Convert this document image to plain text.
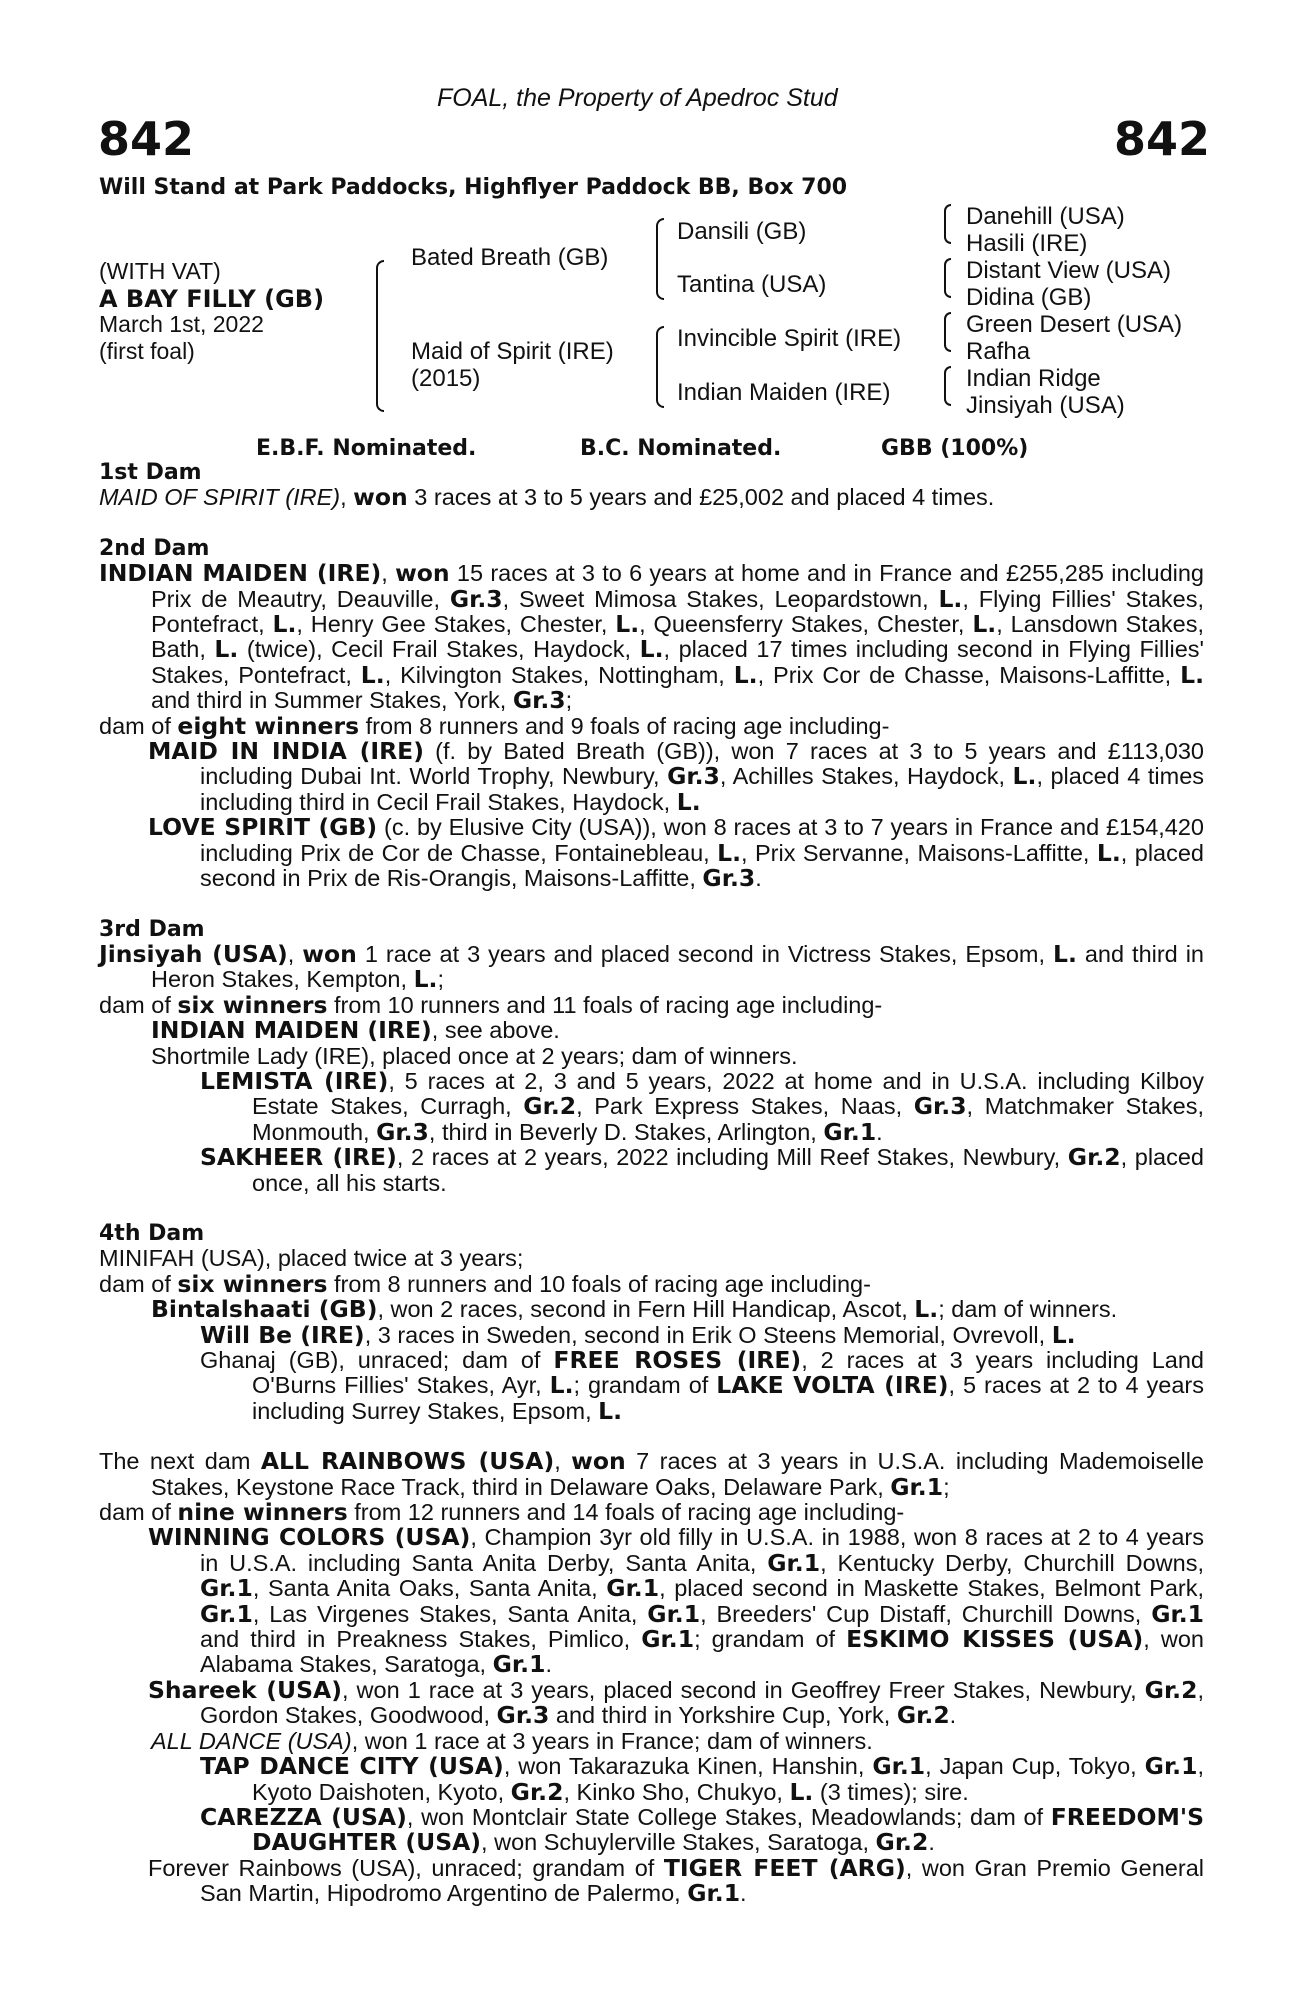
FOAL, the Property of Apedroc Stud
842	842
Will Stand at Park Paddocks, Highflyer Paddock BB, Box 700
(WITH VAT)
A BAY FILLY (GB)
March 1st, 2022
(first foal)
Bated Breath (GB)
Maid of Spirit (IRE)
(2015)
Dansili (GB)
Tantina (USA)
Invincible Spirit (IRE)
Indian Maiden (IRE)
Danehill (USA)
Hasili (IRE)
Distant View (USA)
Didina (GB)
Green Desert (USA)
Rafha
Indian Ridge
Jinsiyah (USA)
E.B.F. Nominated.	B.C. Nominated.	GBB (100%)

1st Dam

MAID OF SPIRIT (IRE), won 3 races at 3 to 5 years and £25,002 and placed 4 times.

2nd Dam

INDIAN MAIDEN (IRE), won 15 races at 3 to 6 years at home and in France and £255,285 including Prix de Meautry, Deauville, Gr.3, Sweet Mimosa Stakes, Leopardstown, L., Flying Fillies' Stakes, Pontefract, L., Henry Gee Stakes, Chester, L., Queensferry Stakes, Chester, L., Lansdown Stakes, Bath, L. (twice), Cecil Frail Stakes, Haydock, L., placed 17 times including second in Flying Fillies' Stakes, Pontefract, L., Kilvington Stakes, Nottingham, L., Prix Cor de Chasse, Maisons-Laffitte, L. and third in Summer Stakes, York, Gr.3;

dam of eight winners from 8 runners and 9 foals of racing age including-

MAID IN INDIA (IRE) (f. by Bated Breath (GB)), won 7 races at 3 to 5 years and £113,030 including Dubai Int. World Trophy, Newbury, Gr.3, Achilles Stakes, Haydock, L., placed 4 times including third in Cecil Frail Stakes, Haydock, L.

LOVE SPIRIT (GB) (c. by Elusive City (USA)), won 8 races at 3 to 7 years in France and £154,420 including Prix de Cor de Chasse, Fontainebleau, L., Prix Servanne, Maisons-Laffitte, L., placed second in Prix de Ris-Orangis, Maisons-Laffitte, Gr.3.

3rd Dam

Jinsiyah (USA), won 1 race at 3 years and placed second in Victress Stakes, Epsom, L. and third in Heron Stakes, Kempton, L.;

dam of six winners from 10 runners and 11 foals of racing age including-

INDIAN MAIDEN (IRE), see above.

Shortmile Lady (IRE), placed once at 2 years; dam of winners.

LEMISTA (IRE), 5 races at 2, 3 and 5 years, 2022 at home and in U.S.A. including Kilboy Estate Stakes, Curragh, Gr.2, Park Express Stakes, Naas, Gr.3, Matchmaker Stakes, Monmouth, Gr.3, third in Beverly D. Stakes, Arlington, Gr.1.

SAKHEER (IRE), 2 races at 2 years, 2022 including Mill Reef Stakes, Newbury, Gr.2, placed once, all his starts.

4th Dam

MINIFAH (USA), placed twice at 3 years;

dam of six winners from 8 runners and 10 foals of racing age including-

Bintalshaati (GB), won 2 races, second in Fern Hill Handicap, Ascot, L.; dam of winners.

Will Be (IRE), 3 races in Sweden, second in Erik O Steens Memorial, Ovrevoll, L.

Ghanaj (GB), unraced; dam of FREE ROSES (IRE), 2 races at 3 years including Land O'Burns Fillies' Stakes, Ayr, L.; grandam of LAKE VOLTA (IRE), 5 races at 2 to 4 years including Surrey Stakes, Epsom, L.

The next dam ALL RAINBOWS (USA), won 7 races at 3 years in U.S.A. including Mademoiselle Stakes, Keystone Race Track, third in Delaware Oaks, Delaware Park, Gr.1;

dam of nine winners from 12 runners and 14 foals of racing age including-

WINNING COLORS (USA), Champion 3yr old filly in U.S.A. in 1988, won 8 races at 2 to 4 years in U.S.A. including Santa Anita Derby, Santa Anita, Gr.1, Kentucky Derby, Churchill Downs, Gr.1, Santa Anita Oaks, Santa Anita, Gr.1, placed second in Maskette Stakes, Belmont Park, Gr.1, Las Virgenes Stakes, Santa Anita, Gr.1, Breeders' Cup Distaff, Churchill Downs, Gr.1 and third in Preakness Stakes, Pimlico, Gr.1; grandam of ESKIMO KISSES (USA), won Alabama Stakes, Saratoga, Gr.1.

Shareek (USA), won 1 race at 3 years, placed second in Geoffrey Freer Stakes, Newbury, Gr.2, Gordon Stakes, Goodwood, Gr.3 and third in Yorkshire Cup, York, Gr.2.

ALL DANCE (USA), won 1 race at 3 years in France; dam of winners.

TAP DANCE CITY (USA), won Takarazuka Kinen, Hanshin, Gr.1, Japan Cup, Tokyo, Gr.1, Kyoto Daishoten, Kyoto, Gr.2, Kinko Sho, Chukyo, L. (3 times); sire.

CAREZZA (USA), won Montclair State College Stakes, Meadowlands; dam of FREEDOM'S DAUGHTER (USA), won Schuylerville Stakes, Saratoga, Gr.2.

Forever Rainbows (USA), unraced; grandam of TIGER FEET (ARG), won Gran Premio General San Martin, Hipodromo Argentino de Palermo, Gr.1.
